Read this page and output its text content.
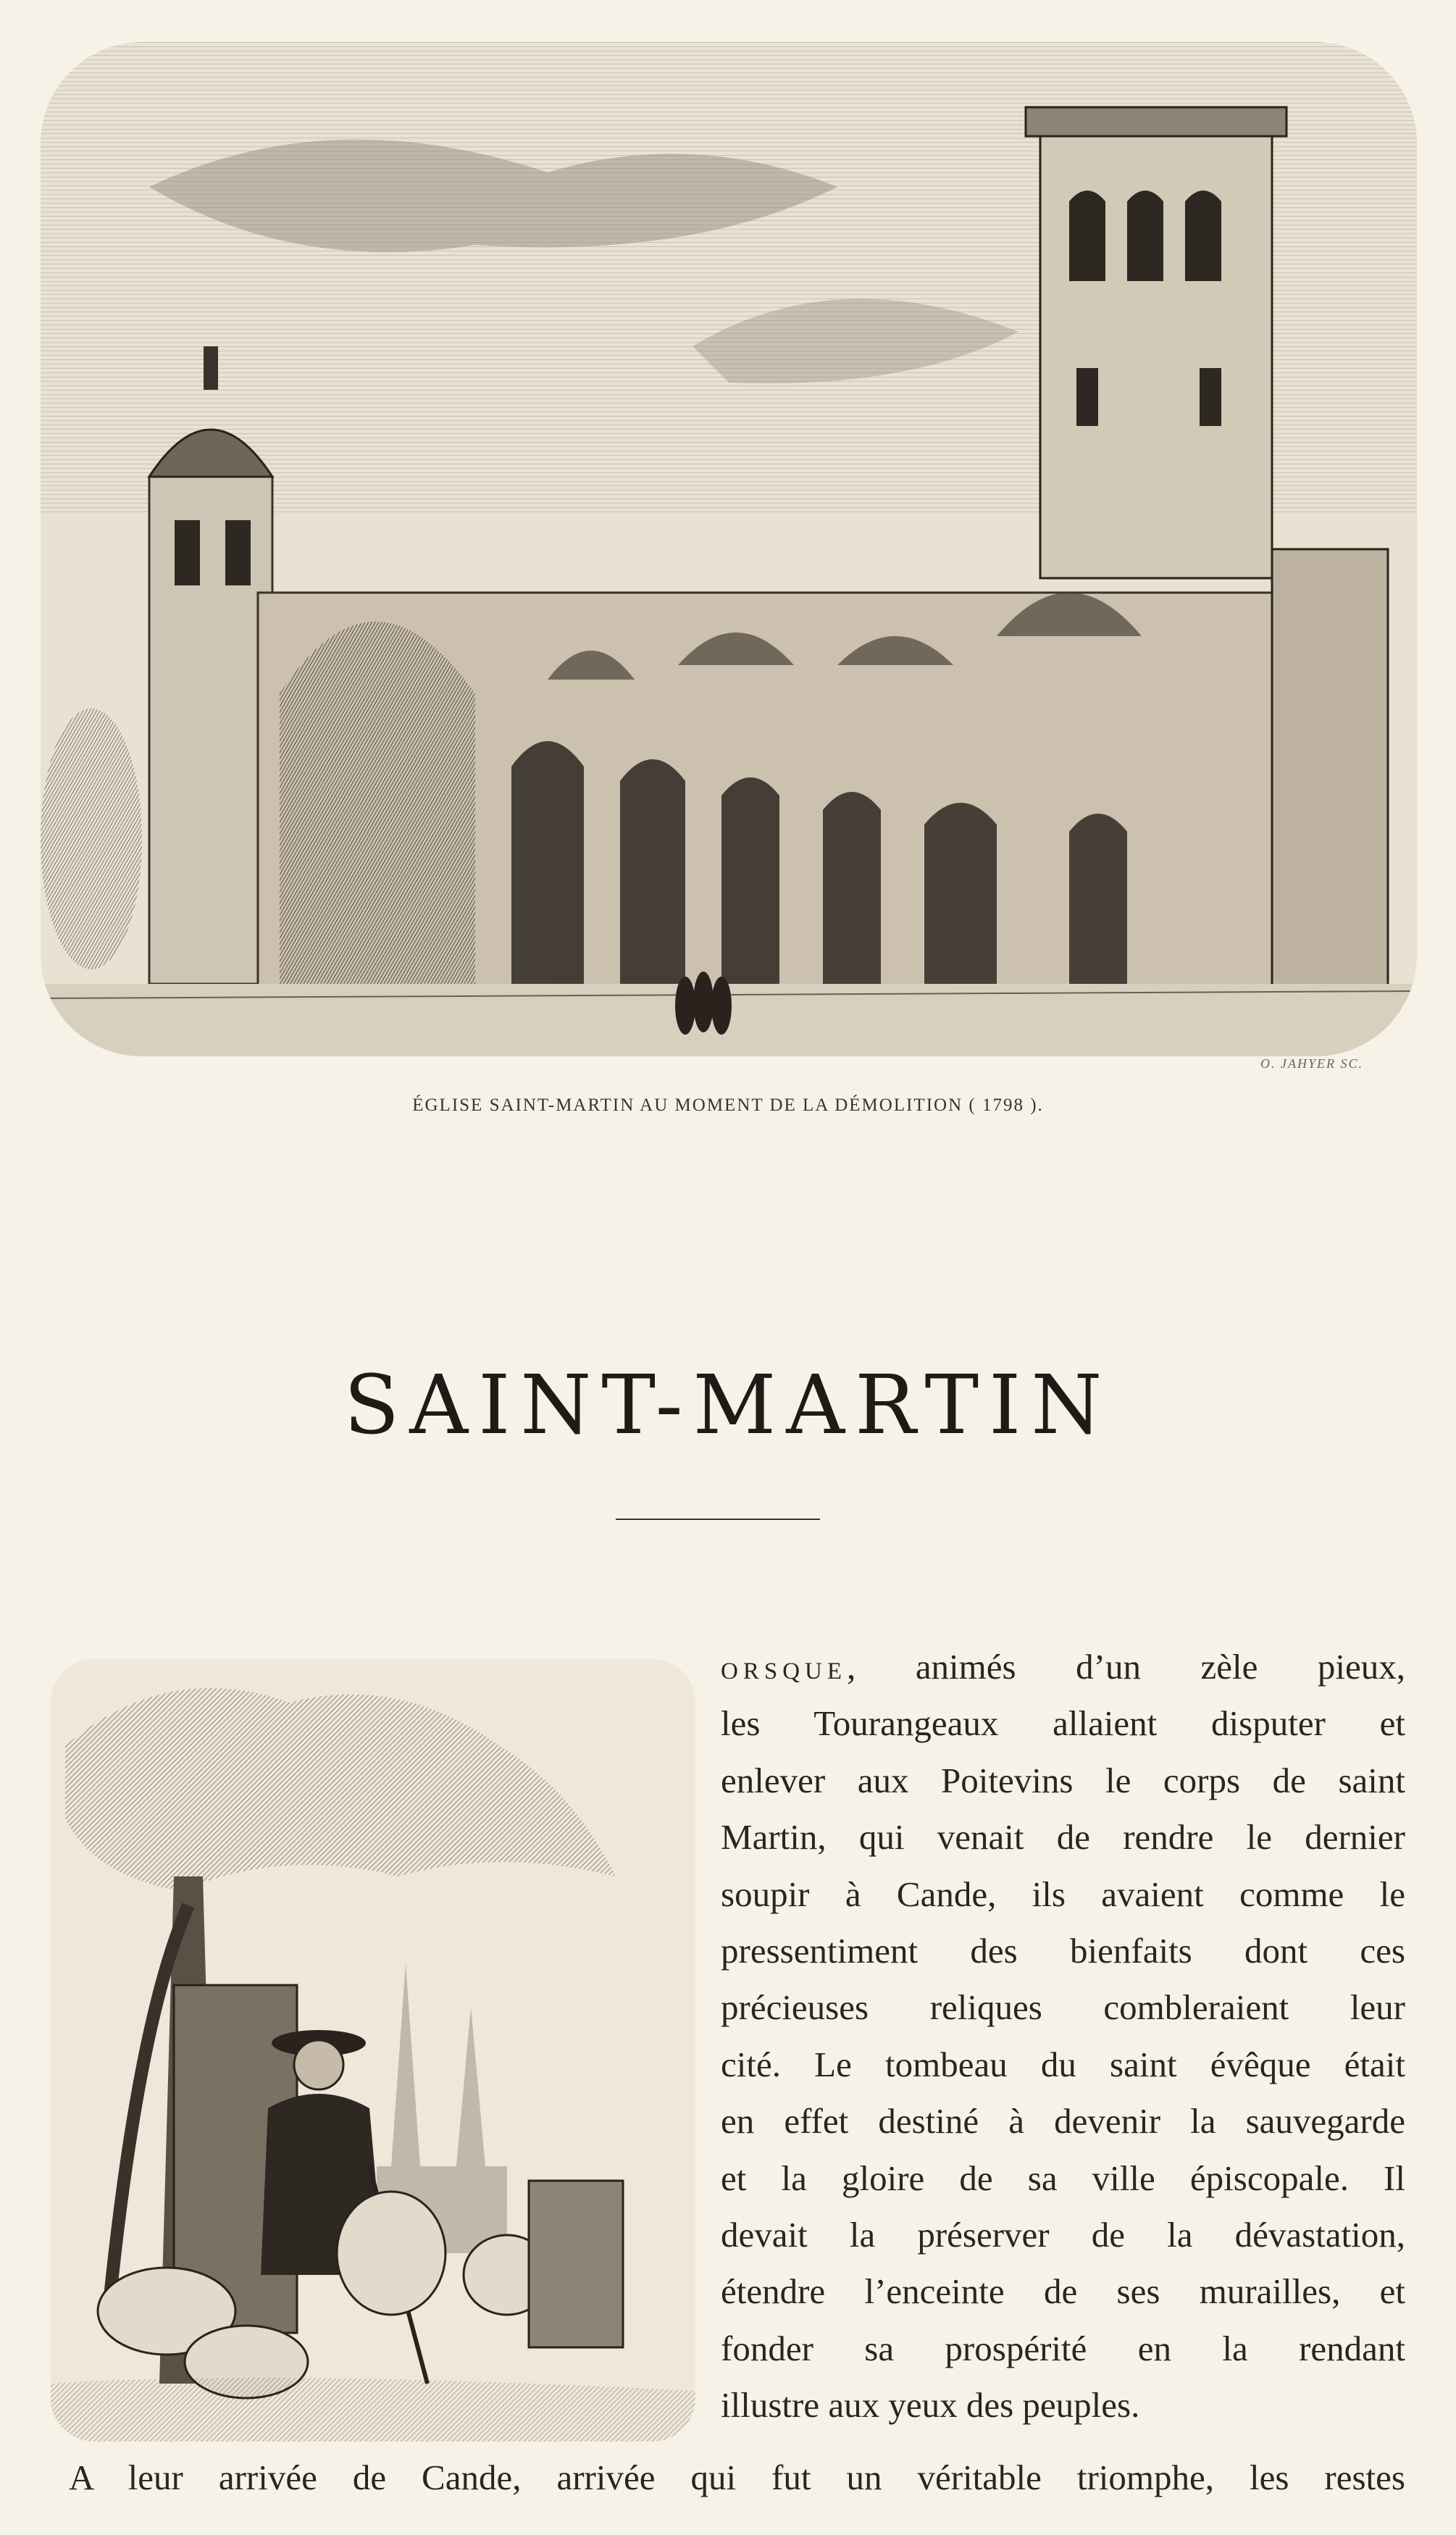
O. JAHYER SC.
ÉGLISE SAINT-MARTIN AU MOMENT DE LA DÉMOLITION ( 1798 ).
SAINT-MARTIN
ORSQUE, animés d’un zèle pieux,
les Tourangeaux allaient disputer et
enlever aux Poitevins le corps de saint
Martin, qui venait de rendre le dernier
soupir à Cande, ils avaient comme le
pressentiment des bienfaits dont ces
précieuses reliques combleraient leur
cité. Le tombeau du saint évêque était
en effet destiné à devenir la sauvegarde
et la gloire de sa ville épiscopale. Il
devait la préserver de la dévastation,
étendre l’enceinte de ses murailles, et
fonder sa prospérité en la rendant
illustre aux yeux des peuples.
A leur arrivée de Cande, arrivée qui fut un véritable triomphe, les restes
